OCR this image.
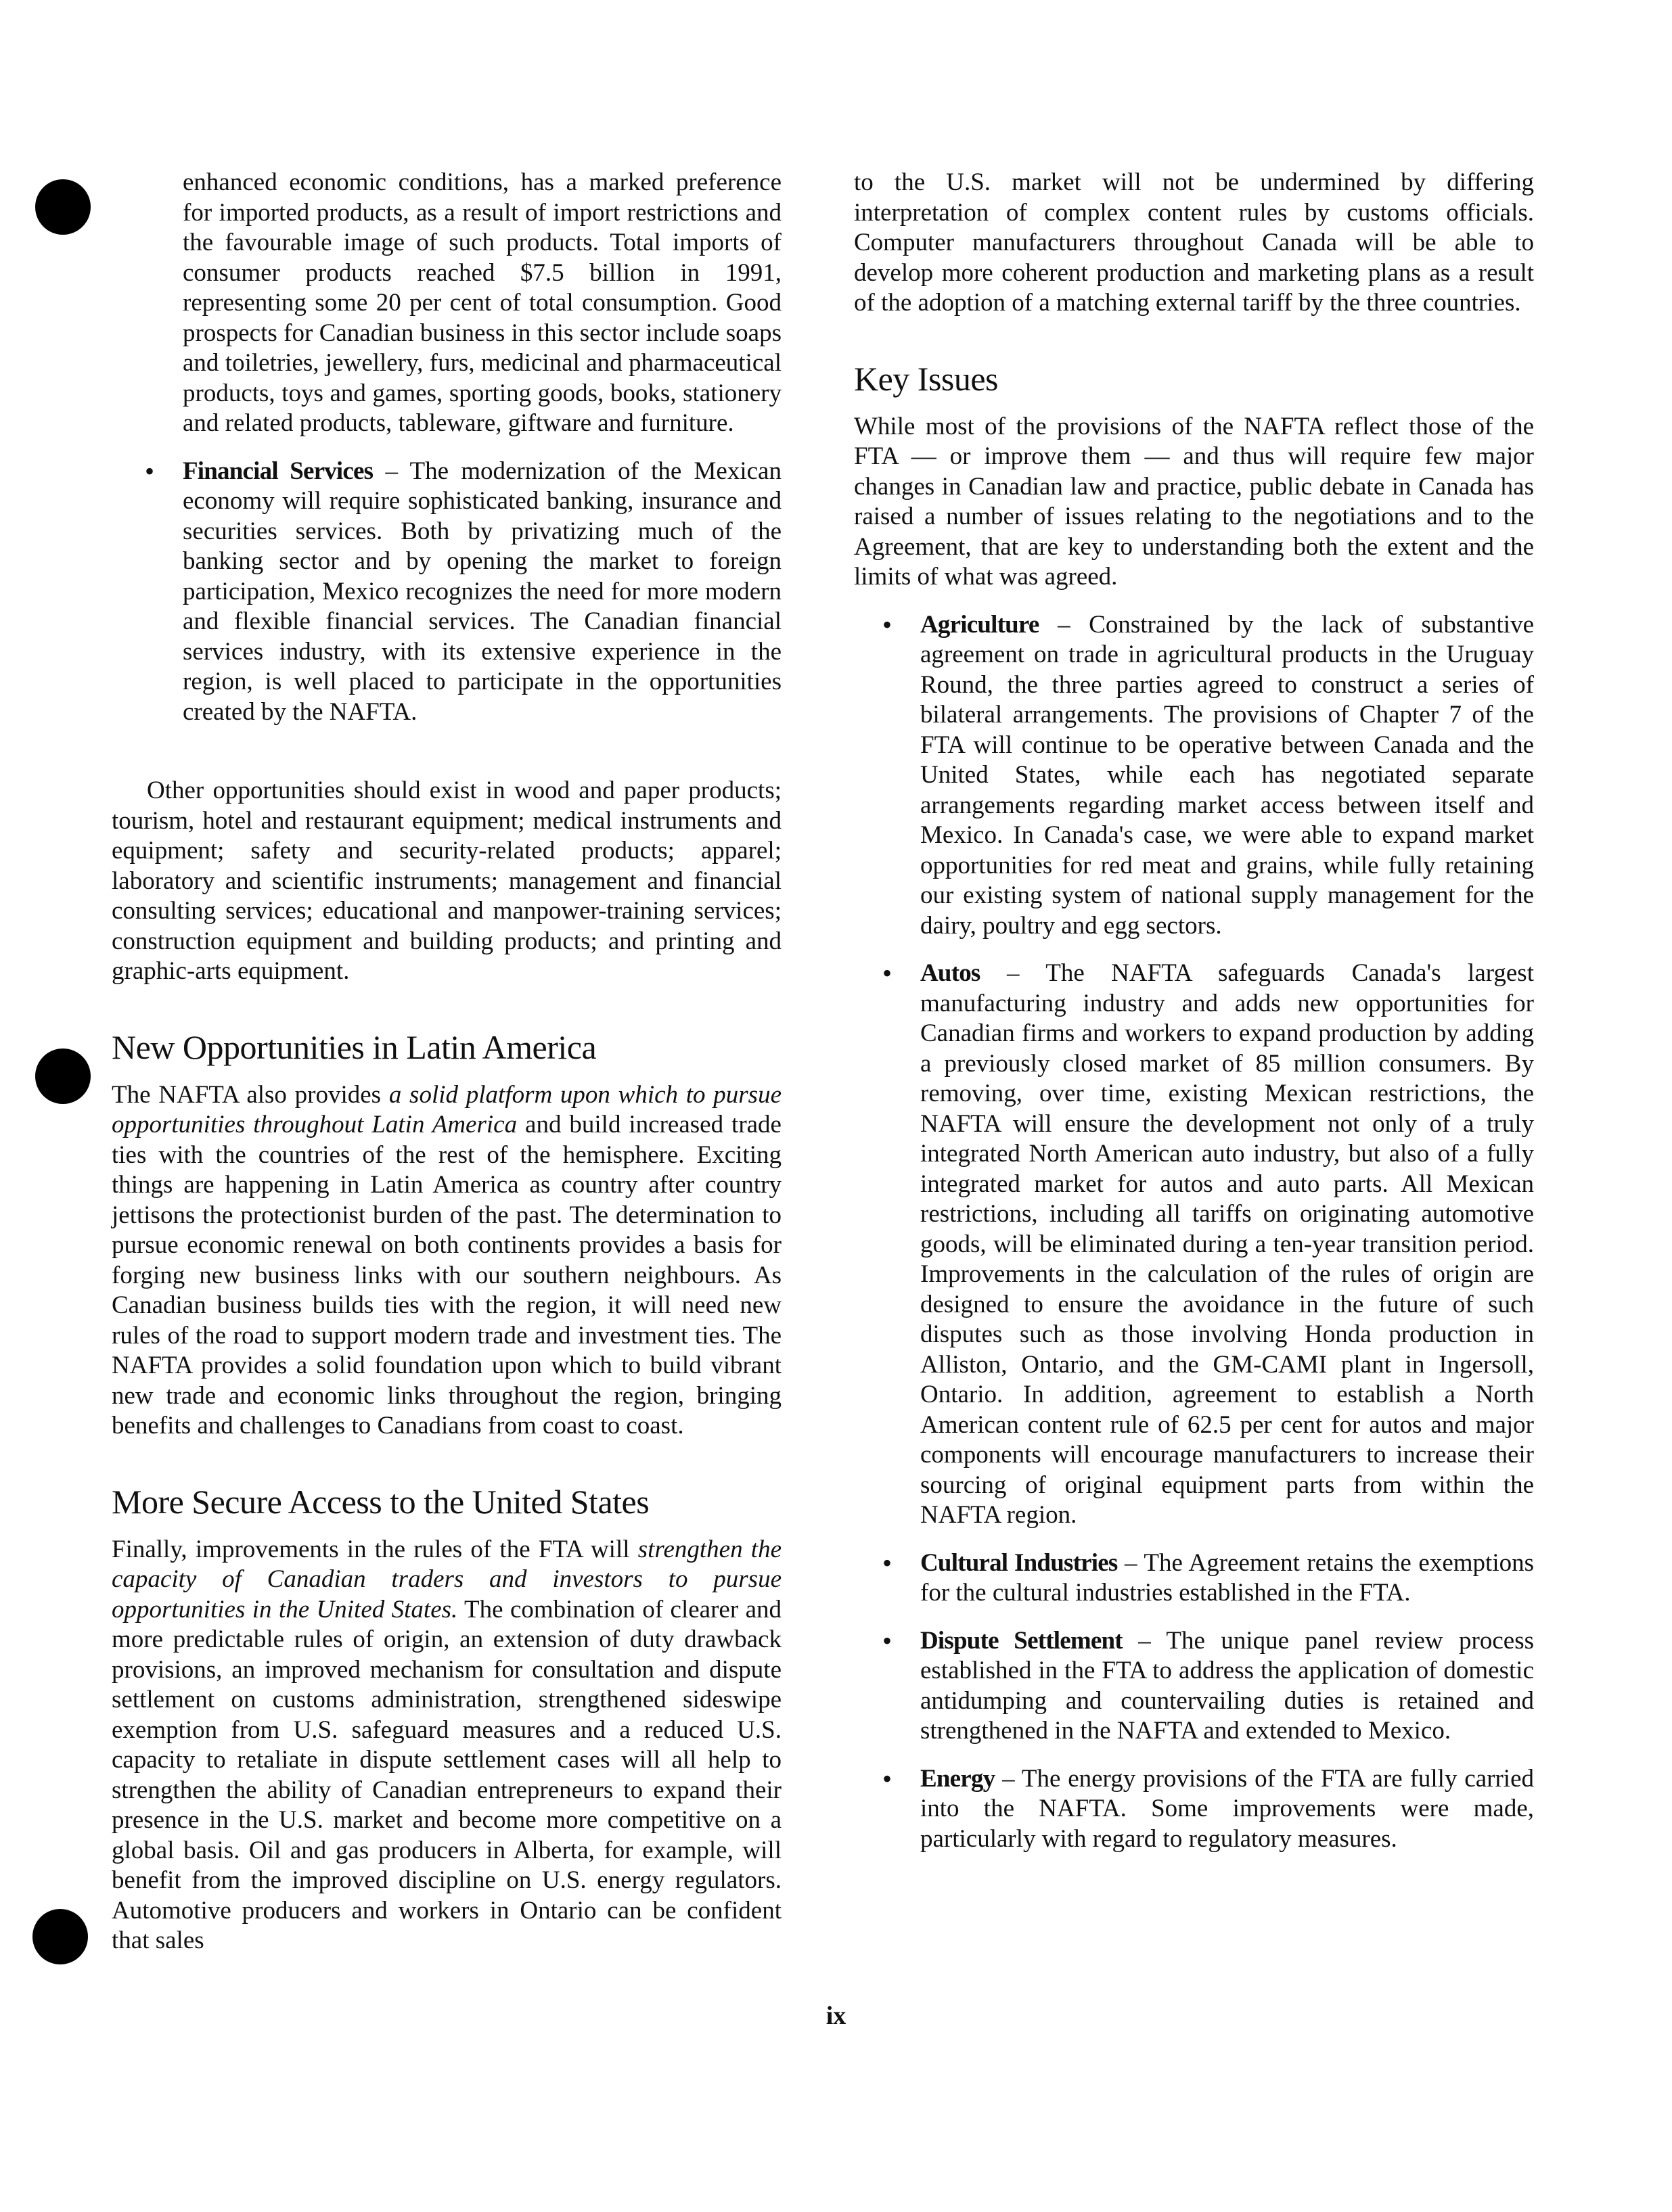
enhanced economic conditions, has a marked preference for imported products, as a result of import restrictions and the favourable image of such products. Total imports of consumer products reached $7.5 billion in 1991, representing some 20 per cent of total consumption. Good prospects for Canadian business in this sector include soaps and toiletries, jewellery, furs, medicinal and pharmaceutical products, toys and games, sporting goods, books, stationery and related products, tableware, giftware and furniture.

• Financial Services – The modernization of the Mexican economy will require sophisticated banking, insurance and securities services. Both by privatizing much of the banking sector and by opening the market to foreign participation, Mexico recognizes the need for more modern and flexible financial services. The Canadian financial services industry, with its extensive experience in the region, is well placed to participate in the opportunities created by the NAFTA.

Other opportunities should exist in wood and paper products; tourism, hotel and restaurant equipment; medical instruments and equipment; safety and security-related products; apparel; laboratory and scientific instruments; management and financial consulting services; educational and manpower-training services; construction equipment and building products; and printing and graphic-arts equipment.

New Opportunities in Latin America

The NAFTA also provides a solid platform upon which to pursue opportunities throughout Latin America and build increased trade ties with the countries of the rest of the hemisphere. Exciting things are happening in Latin America as country after country jettisons the protectionist burden of the past. The determination to pursue economic renewal on both continents provides a basis for forging new business links with our southern neighbours. As Canadian business builds ties with the region, it will need new rules of the road to support modern trade and investment ties. The NAFTA provides a solid foundation upon which to build vibrant new trade and economic links throughout the region, bringing benefits and challenges to Canadians from coast to coast.

More Secure Access to the United States

Finally, improvements in the rules of the FTA will strengthen the capacity of Canadian traders and investors to pursue opportunities in the United States. The combination of clearer and more predictable rules of origin, an extension of duty drawback provisions, an improved mechanism for consultation and dispute settlement on customs administration, strengthened sideswipe exemption from U.S. safeguard measures and a reduced U.S. capacity to retaliate in dispute settlement cases will all help to strengthen the ability of Canadian entrepreneurs to expand their presence in the U.S. market and become more competitive on a global basis. Oil and gas producers in Alberta, for example, will benefit from the improved discipline on U.S. energy regulators. Automotive producers and workers in Ontario can be confident that sales

to the U.S. market will not be undermined by differing interpretation of complex content rules by customs officials. Computer manufacturers throughout Canada will be able to develop more coherent production and marketing plans as a result of the adoption of a matching external tariff by the three countries.

Key Issues

While most of the provisions of the NAFTA reflect those of the FTA — or improve them — and thus will require few major changes in Canadian law and practice, public debate in Canada has raised a number of issues relating to the negotiations and to the Agreement, that are key to understanding both the extent and the limits of what was agreed.

• Agriculture – Constrained by the lack of substantive agreement on trade in agricultural products in the Uruguay Round, the three parties agreed to construct a series of bilateral arrangements. The provisions of Chapter 7 of the FTA will continue to be operative between Canada and the United States, while each has negotiated separate arrangements regarding market access between itself and Mexico. In Canada's case, we were able to expand market opportunities for red meat and grains, while fully retaining our existing system of national supply management for the dairy, poultry and egg sectors.
• Autos – The NAFTA safeguards Canada's largest manufacturing industry and adds new opportunities for Canadian firms and workers to expand production by adding a previously closed market of 85 million consumers. By removing, over time, existing Mexican restrictions, the NAFTA will ensure the development not only of a truly integrated North American auto industry, but also of a fully integrated market for autos and auto parts. All Mexican restrictions, including all tariffs on originating automotive goods, will be eliminated during a ten-year transition period. Improvements in the calculation of the rules of origin are designed to ensure the avoidance in the future of such disputes such as those involving Honda production in Alliston, Ontario, and the GM-CAMI plant in Ingersoll, Ontario. In addition, agreement to establish a North American content rule of 62.5 per cent for autos and major components will encourage manufacturers to increase their sourcing of original equipment parts from within the NAFTA region.
• Cultural Industries – The Agreement retains the exemptions for the cultural industries established in the FTA.
• Dispute Settlement – The unique panel review process established in the FTA to address the application of domestic antidumping and countervailing duties is retained and strengthened in the NAFTA and extended to Mexico.
• Energy – The energy provisions of the FTA are fully carried into the NAFTA. Some improvements were made, particularly with regard to regulatory measures.
ix
